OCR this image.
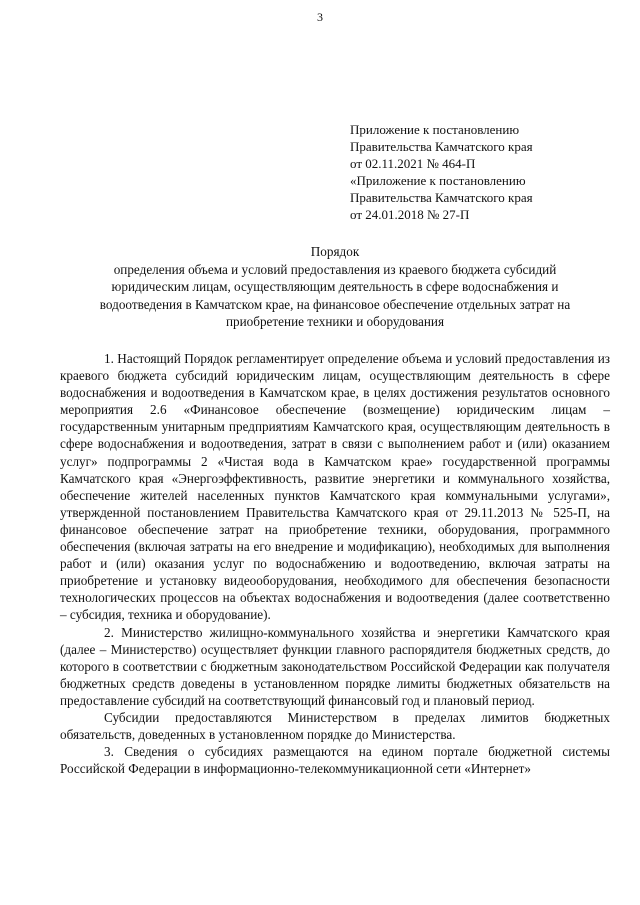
3
Приложение к постановлению
Правительства Камчатского края
от 02.11.2021 № 464-П
«Приложение к постановлению
Правительства Камчатского края
от 24.01.2018 № 27-П
Порядок
определения объема и условий предоставления из краевого бюджета субсидий
юридическим лицам, осуществляющим деятельность в сфере водоснабжения и
водоотведения в Камчатском крае, на финансовое обеспечение отдельных затрат на
приобретение техники и оборудования

1. Настоящий Порядок регламентирует определение объема и условий предоставления из краевого бюджета субсидий юридическим лицам, осуществляющим деятельность в сфере водоснабжения и водоотведения в Камчатском крае, в целях достижения результатов основного мероприятия 2.6 «Финансовое обеспечение (возмещение) юридическим лицам – государственным унитарным предприятиям Камчатского края, осуществляющим деятельность в сфере водоснабжения и водоотведения, затрат в связи с выполнением работ и (или) оказанием услуг» подпрограммы 2 «Чистая вода в Камчатском крае» государственной программы Камчатского края «Энергоэффективность, развитие энергетики и коммунального хозяйства, обеспечение жителей населенных пунктов Камчатского края коммунальными услугами», утвержденной постановлением Правительства Камчатского края от 29.11.2013 № 525-П, на финансовое обеспечение затрат на приобретение техники, оборудования, программного обеспечения (включая затраты на его внедрение и модификацию), необходимых для выполнения работ и (или) оказания услуг по водоснабжению и водоотведению, включая затраты на приобретение и установку видеооборудования, необходимого для обеспечения безопасности технологических процессов на объектах водоснабжения и водоотведения (далее соответственно – субсидия, техника и оборудование).

2. Министерство жилищно-коммунального хозяйства и энергетики Камчатского края (далее – Министерство) осуществляет функции главного распорядителя бюджетных средств, до которого в соответствии с бюджетным законодательством Российской Федерации как получателя бюджетных средств доведены в установленном порядке лимиты бюджетных обязательств на предоставление субсидий на соответствующий финансовый год и плановый период.

Субсидии предоставляются Министерством в пределах лимитов бюджетных обязательств, доведенных в установленном порядке до Министерства.

3. Сведения о субсидиях размещаются на едином портале бюджетной системы Российской Федерации в информационно-телекоммуникационной сети «Интернет»
